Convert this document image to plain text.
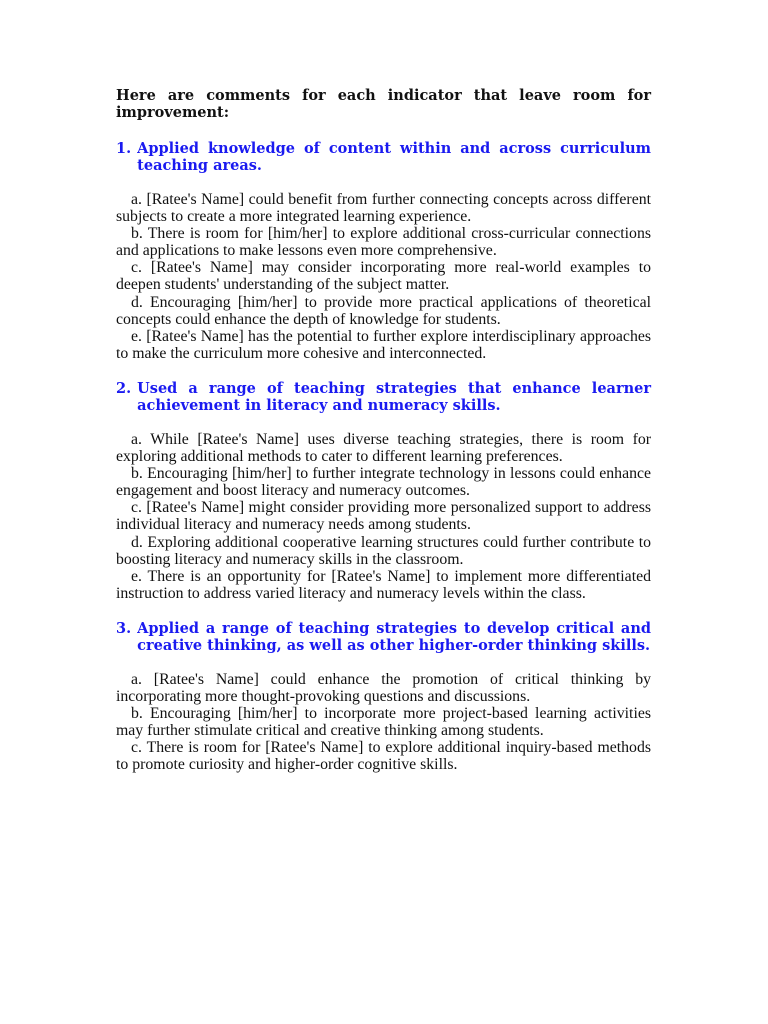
Here are comments for each indicator that leave room for improvement:

1. Applied knowledge of content within and across curriculum teaching areas.

a. [Ratee's Name] could benefit from further connecting concepts across different subjects to create a more integrated learning experience.

b. There is room for [him/her] to explore additional cross-curricular connections and applications to make lessons even more comprehensive.

c. [Ratee's Name] may consider incorporating more real-world examples to deepen students' understanding of the subject matter.

d. Encouraging [him/her] to provide more practical applications of theoretical concepts could enhance the depth of knowledge for students.

e. [Ratee's Name] has the potential to further explore interdisciplinary approaches to make the curriculum more cohesive and interconnected.

2. Used a range of teaching strategies that enhance learner achievement in literacy and numeracy skills.

a. While [Ratee's Name] uses diverse teaching strategies, there is room for exploring additional methods to cater to different learning preferences.

b. Encouraging [him/her] to further integrate technology in lessons could enhance engagement and boost literacy and numeracy outcomes.

c. [Ratee's Name] might consider providing more personalized support to address individual literacy and numeracy needs among students.

d. Exploring additional cooperative learning structures could further contribute to boosting literacy and numeracy skills in the classroom.

e. There is an opportunity for [Ratee's Name] to implement more differentiated instruction to address varied literacy and numeracy levels within the class.

3. Applied a range of teaching strategies to develop critical and creative thinking, as well as other higher-order thinking skills.

a. [Ratee's Name] could enhance the promotion of critical thinking by incorporating more thought-provoking questions and discussions.

b. Encouraging [him/her] to incorporate more project-based learning activities may further stimulate critical and creative thinking among students.

c. There is room for [Ratee's Name] to explore additional inquiry-based methods to promote curiosity and higher-order cognitive skills.
